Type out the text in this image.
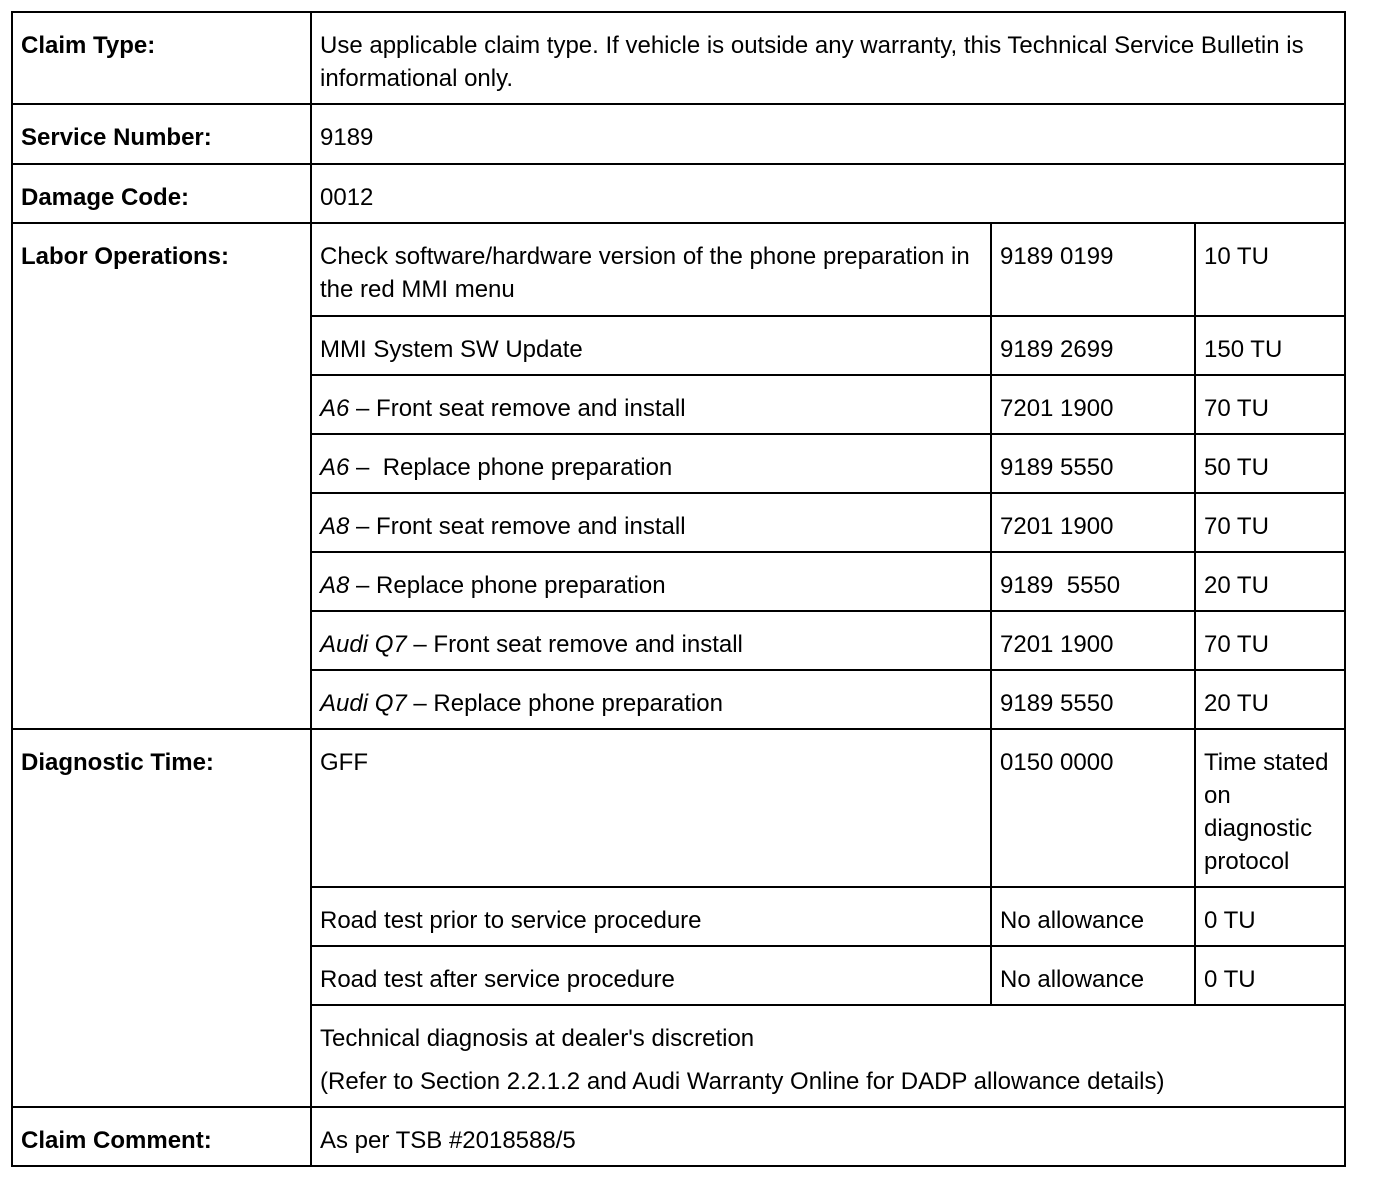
Claim Type:	Use applicable claim type. If vehicle is outside any warranty, this Technical Service Bulletin is informational only.		
Service Number:	9189		
Damage Code:	0012		
Labor Operations:	Check software/hardware version of the phone preparation in the red MMI menu	9189 0199	10 TU
	MMI System SW Update	9189 2699	150 TU
	A6 – Front seat remove and install	7201 1900	70 TU
	A6 –  Replace phone preparation	9189 5550	50 TU
	A8 – Front seat remove and install	7201 1900	70 TU
	A8 – Replace phone preparation	9189  5550	20 TU
	Audi Q7 – Front seat remove and install	7201 1900	70 TU
	Audi Q7 – Replace phone preparation	9189 5550	20 TU
Diagnostic Time:	GFF	0150 0000	Time stated on diagnostic protocol
	Road test prior to service procedure	No allowance	0 TU
	Road test after service procedure	No allowance	0 TU

	Technical diagnosis at dealer's discretion
(Refer to Section 2.2.1.2 and Audi Warranty Online for DADP allowance details)		

Claim Comment:	As per TSB #2018588/5		
